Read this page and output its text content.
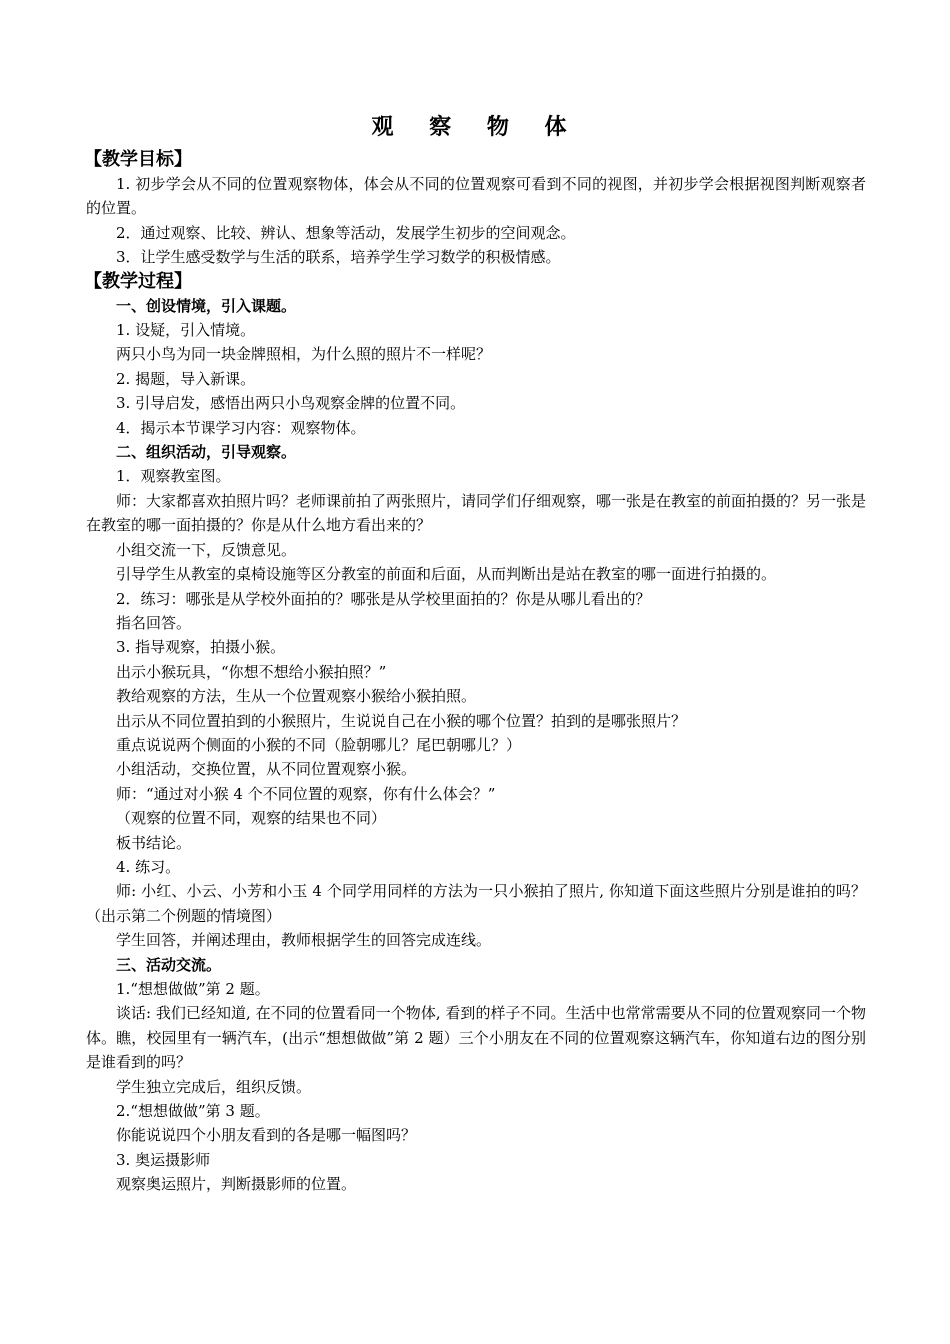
观 察 物 体
【教学目标】

1. 初步学会从不同的位置观察物体，体会从不同的位置观察可看到不同的视图，并初步学会根据视图判断观察者的位置。

2．通过观察、比较、辨认、想象等活动，发展学生初步的空间观念。

3．让学生感受数学与生活的联系，培养学生学习数学的积极情感。

【教学过程】

一、创设情境，引入课题。

1. 设疑，引入情境。

两只小鸟为同一块金牌照相，为什么照的照片不一样呢？

2. 揭题，导入新课。

3. 引导启发，感悟出两只小鸟观察金牌的位置不同。

4．揭示本节课学习内容：观察物体。

二、组织活动，引导观察。

1．观察教室图。

师：大家都喜欢拍照片吗？老师课前拍了两张照片，请同学们仔细观察，哪一张是在教室的前面拍摄的？另一张是在教室的哪一面拍摄的？你是从什么地方看出来的？

小组交流一下，反馈意见。

引导学生从教室的桌椅设施等区分教室的前面和后面，从而判断出是站在教室的哪一面进行拍摄的。

2．练习：哪张是从学校外面拍的？哪张是从学校里面拍的？你是从哪儿看出的？

指名回答。

3. 指导观察，拍摄小猴。

出示小猴玩具，“你想不想给小猴拍照？”

教给观察的方法，生从一个位置观察小猴给小猴拍照。

出示从不同位置拍到的小猴照片，生说说自己在小猴的哪个位置？拍到的是哪张照片？

重点说说两个侧面的小猴的不同（脸朝哪儿？尾巴朝哪儿？）

小组活动，交换位置，从不同位置观察小猴。

师：“通过对小猴 4 个不同位置的观察，你有什么体会？”

（观察的位置不同，观察的结果也不同）

板书结论。

4. 练习。

师: 小红、小云、小芳和小玉 4 个同学用同样的方法为一只小猴拍了照片, 你知道下面这些照片分别是谁拍的吗？（出示第二个例题的情境图）

学生回答，并阐述理由，教师根据学生的回答完成连线。

三、活动交流。

1.“想想做做”第 2 题。

谈话: 我们已经知道, 在不同的位置看同一个物体, 看到的样子不同。生活中也常常需要从不同的位置观察同一个物体。瞧，校园里有一辆汽车，(出示“想想做做”第 2 题）三个小朋友在不同的位置观察这辆汽车，你知道右边的图分别是谁看到的吗？

学生独立完成后，组织反馈。

2.“想想做做”第 3 题。

你能说说四个小朋友看到的各是哪一幅图吗？

3. 奥运摄影师

观察奥运照片，判断摄影师的位置。
